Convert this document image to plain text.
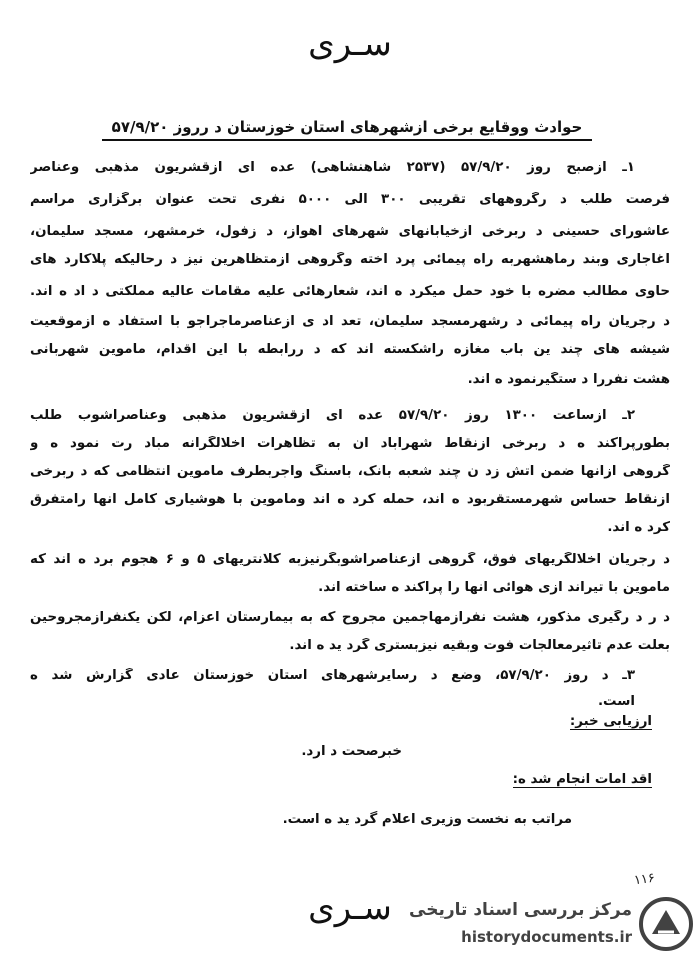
سـرى
حوادث ووقایع برخی ازشهرهای استان خوزستان د رروز ۵۷/۹/۲۰
۱ـ ازصبح روز ۵۷/۹/۲۰ (۲۵۳۷ شاهنشاهی) عده ای ازقشریون مذهبی وعناصر
فرصت طلب د رگروههای تقریبی ۳۰۰ الی ۵۰۰۰ نفری تحت عنوان برگزاری مراسم
عاشورای حسینی د ربرخی ازخیابانهای شهرهای اهواز، د زفول، خرمشهر، مسجد سلیمان،
آغاجاری وبند رماهشهربه راه پیمائی پرد اخته وگروهی ازمتظاهرین نیز د رحالیکه پلاکارد های
حاوی مطالب مضره با خود حمل میکرد ه اند، شعارهائی علیه مقامات عالیه مملکتی د اد ه اند.
د رجریان راه پیمائی د رشهرمسجد سلیمان، تعد اد ی ازعناصرماجراجو با استفاد ه ازموقعیت
شیشه های چند ین باب مغازه راشکسته اند که د ررابطه با این اقدام، ماموین شهربانی
هشت نفررا د ستگیرنمود ه اند.
۲ـ ازساعت ۱۳۰۰ روز ۵۷/۹/۲۰ عده ای ازقشریون مذهبی وعناصرآشوب طلب
بطورپراکند ه د ربرخی ازنقاط شهرآباد ان به تظاهرات اخلالگرانه مباد رت نمود ه و
گروهی ازآنها ضمن آتش زد ن چند شعبه بانک، باسنگ وآجربطرف ماموین انتظامی که د ربرخی
ازنقاط حساس شهرمستقربود ه اند، حمله کرد ه اند وماموین با هوشیاری کامل آنها رامتفرق
کرد ه اند.
د رجریان اخلالگریهای فوق، گروهی ازعناصرآشوبگرنیزبه کلانتریهای ۵ و ۶ هجوم برد ه اند که
ماموین با تیراند ازی هوائی آنها را پراکند ه ساخته اند.
د ر د رگیری مذکور، هشت نفرازمهاجمین مجروح که به بیمارستان اعزام، لکن یکنفرازمجروحین
بعلت عدم تاثیرمعالجات فوت وبقیه نیزبستری گرد ید ه اند.
۳ـ د روز ۵۷/۹/۲۰، وضع د رسایرشهرهای استان خوزستان عادی گزارش شد ه
است.
ارزیابی خبر:
خبرصحت د ارد.
اقد امات انجام شد ه:
مراتب به نخست وزیری اعلام گرد ید ه است.
۱۱۶
سـرى	مرکز بررسی اسناد تاریخی
historydocuments.ir
